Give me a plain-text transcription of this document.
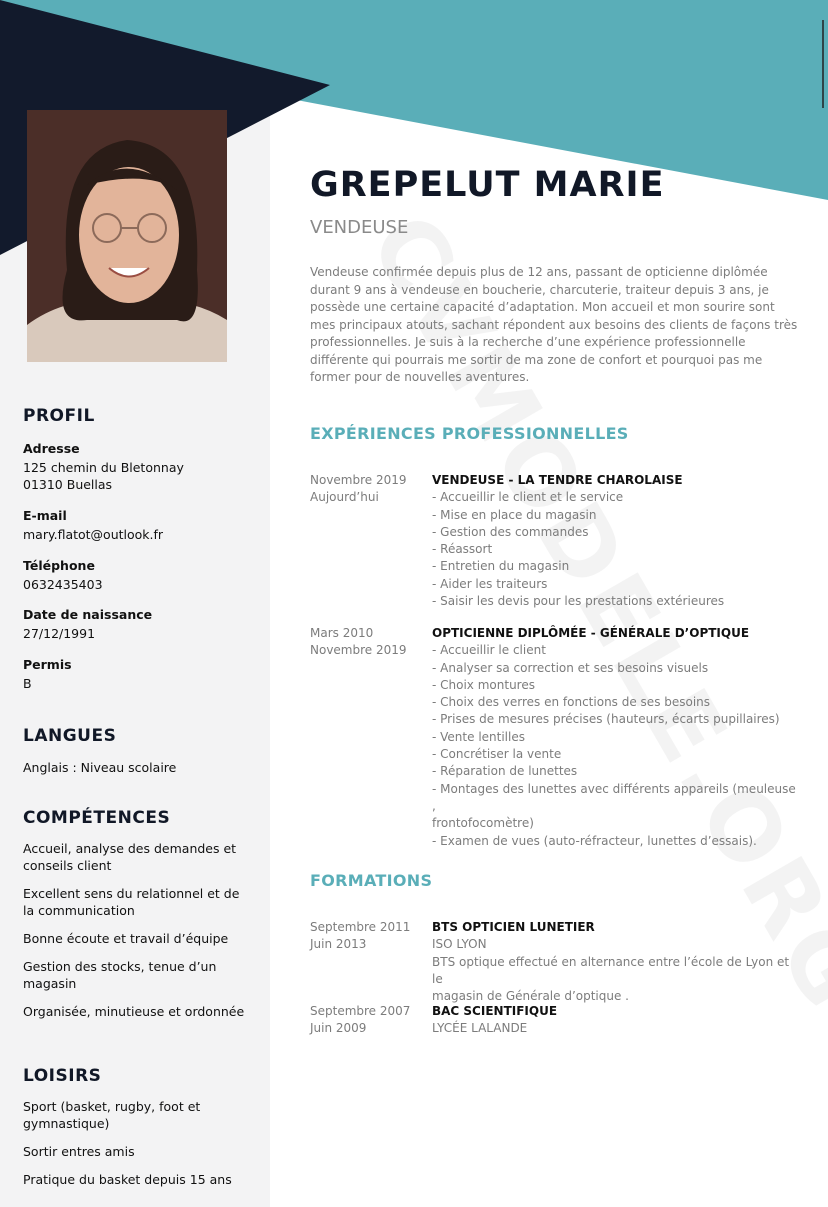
PROFIL
Adresse
125 chemin du Bletonnay
01310 Buellas
E-mail
mary.flatot@outlook.fr
Téléphone
0632435403
Date de naissance
27/12/1991
Permis
B
LANGUES
Anglais : Niveau scolaire
COMPÉTENCES
Accueil, analyse des demandes et conseils client
Excellent sens du relationnel et de la communication
Bonne écoute et travail d’équipe
Gestion des stocks, tenue d’un magasin
Organisée, minutieuse et ordonnée
LOISIRS
Sport (basket, rugby, foot et gymnastique)
Sortir entres amis
Pratique du basket depuis 15 ans
GREPELUT MARIE
VENDEUSE
Vendeuse confirmée depuis plus de 12 ans, passant de opticienne diplômée durant 9 ans à vendeuse en boucherie, charcuterie, traiteur depuis 3 ans, je possède une certaine capacité d’adaptation. Mon accueil et mon sourire sont mes principaux atouts, sachant répondent aux besoins des clients de façons très professionnelles. Je suis à la recherche d’une expérience professionnelle différente qui pourrais me sortir de ma zone de confort et pourquoi pas me former pour de nouvelles aventures.
EXPÉRIENCES PROFESSIONNELLES
Novembre 2019
Aujourd’hui
VENDEUSE - LA TENDRE CHAROLAISE
- Accueillir le client et le service
- Mise en place du magasin
- Gestion des commandes
- Réassort
- Entretien du magasin
- Aider les traiteurs
- Saisir les devis pour les prestations extérieures
Mars 2010
Novembre 2019
OPTICIENNE DIPLÔMÉE - GÉNÉRALE D’OPTIQUE
- Accueillir le client
- Analyser sa correction et ses besoins visuels
- Choix montures
- Choix des verres en fonctions de ses besoins
- Prises de mesures précises (hauteurs, écarts pupillaires)
- Vente lentilles
- Concrétiser la vente
- Réparation de lunettes
- Montages des lunettes avec différents appareils (meuleuse ,
frontofocomètre)
- Examen de vues (auto-réfracteur, lunettes d’essais).
FORMATIONS
Septembre 2011
Juin 2013
BTS OPTICIEN LUNETIER
ISO LYON
BTS optique effectué en alternance entre l’école de Lyon et le
magasin de Générale d’optique .
Septembre 2007
Juin 2009
BAC SCIENTIFIQUE
LYCÉE LALANDE
